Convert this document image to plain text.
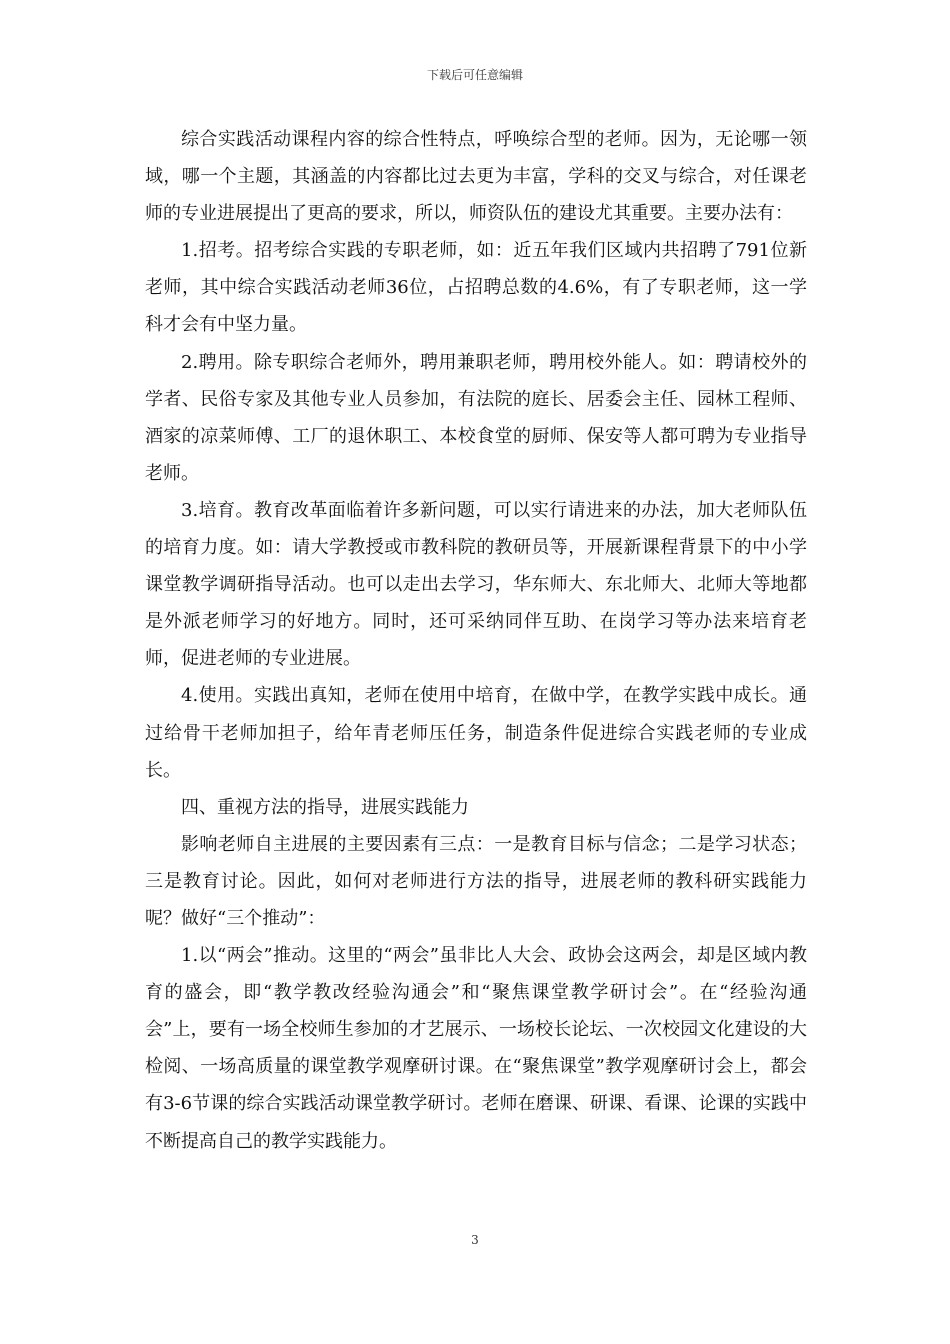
下载后可任意编辑

综合实践活动课程内容的综合性特点，呼唤综合型的老师。因为，无论哪一领域，哪一个主题，其涵盖的内容都比过去更为丰富，学科的交叉与综合，对任课老师的专业进展提出了更高的要求，所以，师资队伍的建设尤其重要。主要办法有：

1.招考。招考综合实践的专职老师，如：近五年我们区域内共招聘了791位新老师，其中综合实践活动老师36位，占招聘总数的4.6%，有了专职老师，这一学科才会有中坚力量。

2.聘用。除专职综合老师外，聘用兼职老师，聘用校外能人。如：聘请校外的学者、民俗专家及其他专业人员参加，有法院的庭长、居委会主任、园林工程师、酒家的凉菜师傅、工厂的退休职工、本校食堂的厨师、保安等人都可聘为专业指导老师。

3.培育。教育改革面临着许多新问题，可以实行请进来的办法，加大老师队伍的培育力度。如：请大学教授或市教科院的教研员等，开展新课程背景下的中小学课堂教学调研指导活动。也可以走出去学习，华东师大、东北师大、北师大等地都是外派老师学习的好地方。同时，还可采纳同伴互助、在岗学习等办法来培育老师，促进老师的专业进展。

4.使用。实践出真知，老师在使用中培育，在做中学，在教学实践中成长。通过给骨干老师加担子，给年青老师压任务，制造条件促进综合实践老师的专业成长。

四、重视方法的指导，进展实践能力

影响老师自主进展的主要因素有三点：一是教育目标与信念；二是学习状态；三是教育讨论。因此，如何对老师进行方法的指导，进展老师的教科研实践能力呢？做好“三个推动”：

1.以“两会”推动。这里的“两会”虽非比人大会、政协会这两会，却是区域内教育的盛会，即“教学教改经验沟通会”和“聚焦课堂教学研讨会”。在“经验沟通会”上，要有一场全校师生参加的才艺展示、一场校长论坛、一次校园文化建设的大检阅、一场高质量的课堂教学观摩研讨课。在“聚焦课堂”教学观摩研讨会上，都会有3-6节课的综合实践活动课堂教学研讨。老师在磨课、研课、看课、论课的实践中不断提高自己的教学实践能力。

3
